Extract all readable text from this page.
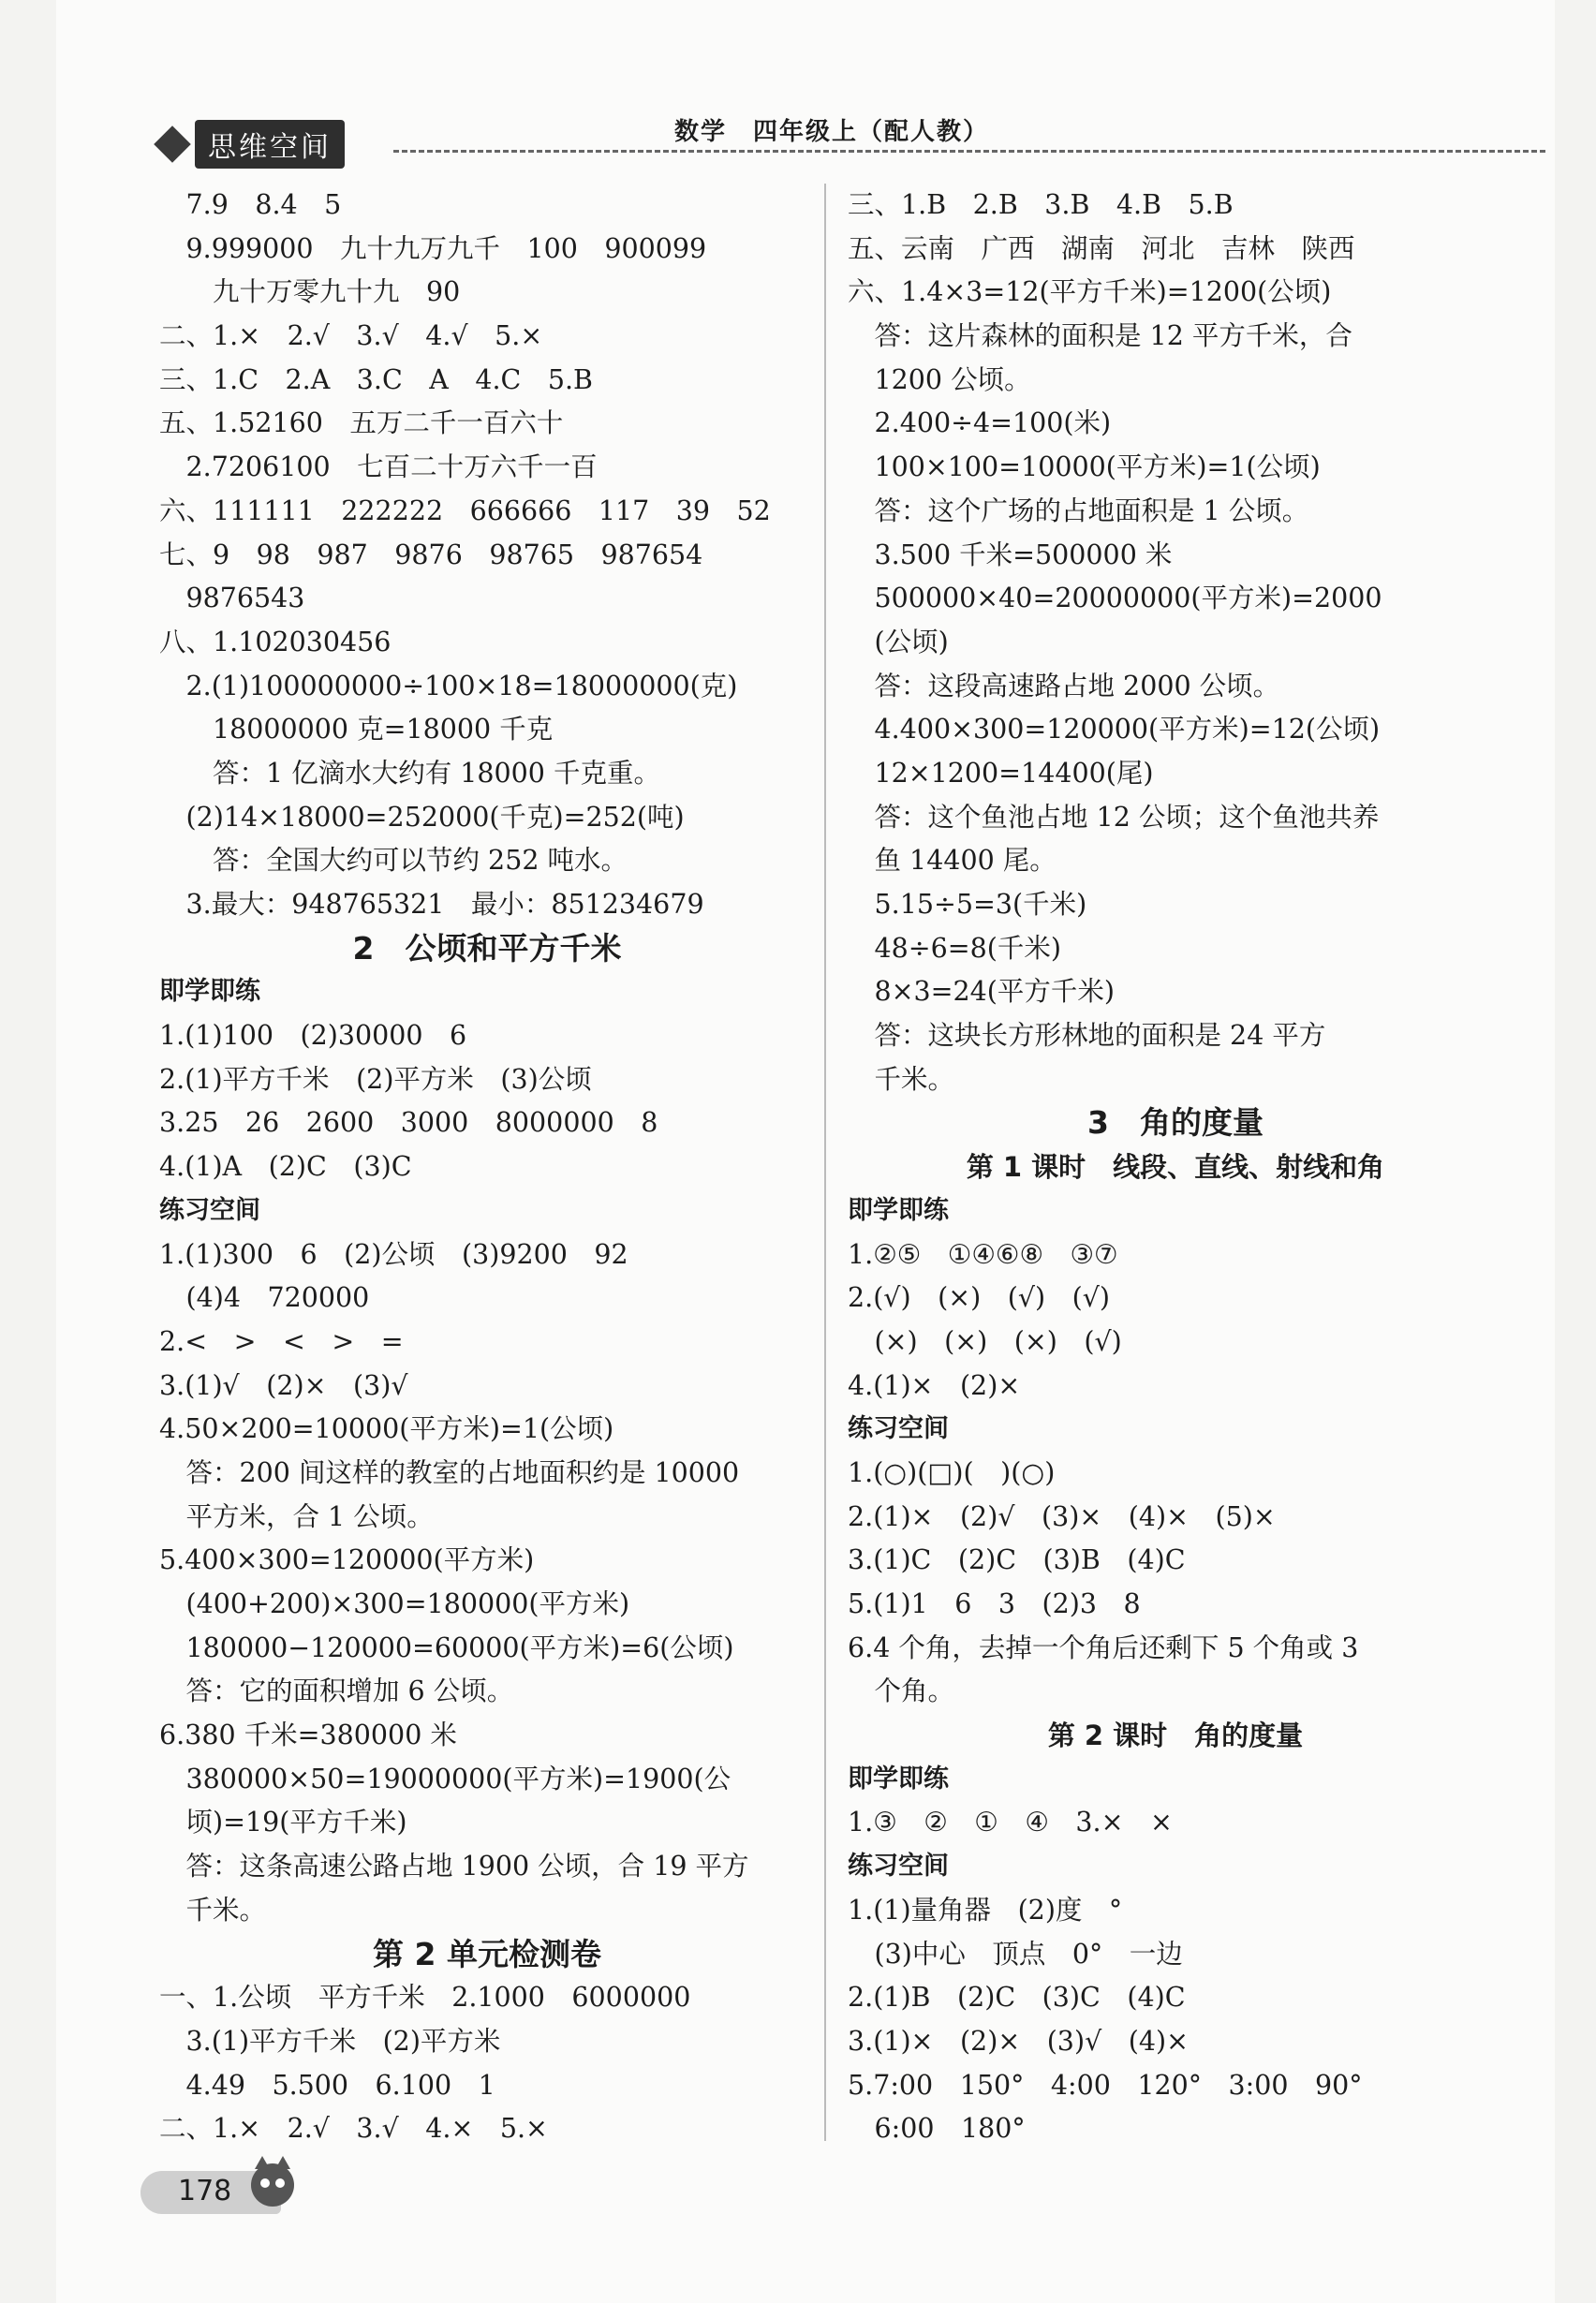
思维空间	数学　四年级上（配人教）
　7.9　8.4　5
　9.999000　九十九万九千　100　900099
　　九十万零九十九　90
二、1.×　2.√　3.√　4.√　5.×
三、1.C　2.A　3.C　A　4.C　5.B
五、1.52160　五万二千一百六十
　2.7206100　七百二十万六千一百
六、111111　222222　666666　117　39　52
七、9　98　987　9876　98765　987654
　9876543
八、1.102030456
　2.(1)100000000÷100×18=18000000(克)
　　18000000 克=18000 千克
　　答：1 亿滴水大约有 18000 千克重。
　(2)14×18000=252000(千克)=252(吨)
　　答：全国大约可以节约 252 吨水。
　3.最大：948765321　最小：851234679
2　公顷和平方千米
即学即练
1.(1)100　(2)30000　6
2.(1)平方千米　(2)平方米　(3)公顷
3.25　26　2600　3000　8000000　8
4.(1)A　(2)C　(3)C
练习空间
1.(1)300　6　(2)公顷　(3)9200　92
　(4)4　720000
2.<　>　<　>　=
3.(1)√　(2)×　(3)√
4.50×200=10000(平方米)=1(公顷)
　答：200 间这样的教室的占地面积约是 10000
　平方米，合 1 公顷。
5.400×300=120000(平方米)
　(400+200)×300=180000(平方米)
　180000−120000=60000(平方米)=6(公顷)
　答：它的面积增加 6 公顷。
6.380 千米=380000 米
　380000×50=19000000(平方米)=1900(公
　顷)=19(平方千米)
　答：这条高速公路占地 1900 公顷，合 19 平方
　千米。
第 2 单元检测卷
一、1.公顷　平方千米　2.1000　6000000
　3.(1)平方千米　(2)平方米
　4.49　5.500　6.100　1
二、1.×　2.√　3.√　4.×　5.×
三、1.B　2.B　3.B　4.B　5.B
五、云南　广西　湖南　河北　吉林　陕西
六、1.4×3=12(平方千米)=1200(公顷)
　答：这片森林的面积是 12 平方千米，合
　1200 公顷。
　2.400÷4=100(米)
　100×100=10000(平方米)=1(公顷)
　答：这个广场的占地面积是 1 公顷。
　3.500 千米=500000 米
　500000×40=20000000(平方米)=2000
　(公顷)
　答：这段高速路占地 2000 公顷。
　4.400×300=120000(平方米)=12(公顷)
　12×1200=14400(尾)
　答：这个鱼池占地 12 公顷；这个鱼池共养
　鱼 14400 尾。
　5.15÷5=3(千米)
　48÷6=8(千米)
　8×3=24(平方千米)
　答：这块长方形林地的面积是 24 平方
　千米。
3　角的度量
第 1 课时　线段、直线、射线和角
即学即练
1.②⑤　①④⑥⑧　③⑦
2.(√)　(×)　(√)　(√)
　(×)　(×)　(×)　(√)
4.(1)×　(2)×
练习空间
1.(○)(□)(　)(○)
2.(1)×　(2)√　(3)×　(4)×　(5)×
3.(1)C　(2)C　(3)B　(4)C
5.(1)1　6　3　(2)3　8
6.4 个角，去掉一个角后还剩下 5 个角或 3
　个角。
第 2 课时　角的度量
即学即练
1.③　②　①　④　3.×　×
练习空间
1.(1)量角器　(2)度　°
　(3)中心　顶点　0°　一边
2.(1)B　(2)C　(3)C　(4)C
3.(1)×　(2)×　(3)√　(4)×
5.7:00　150°　4:00　120°　3:00　90°
　6:00　180°
178
